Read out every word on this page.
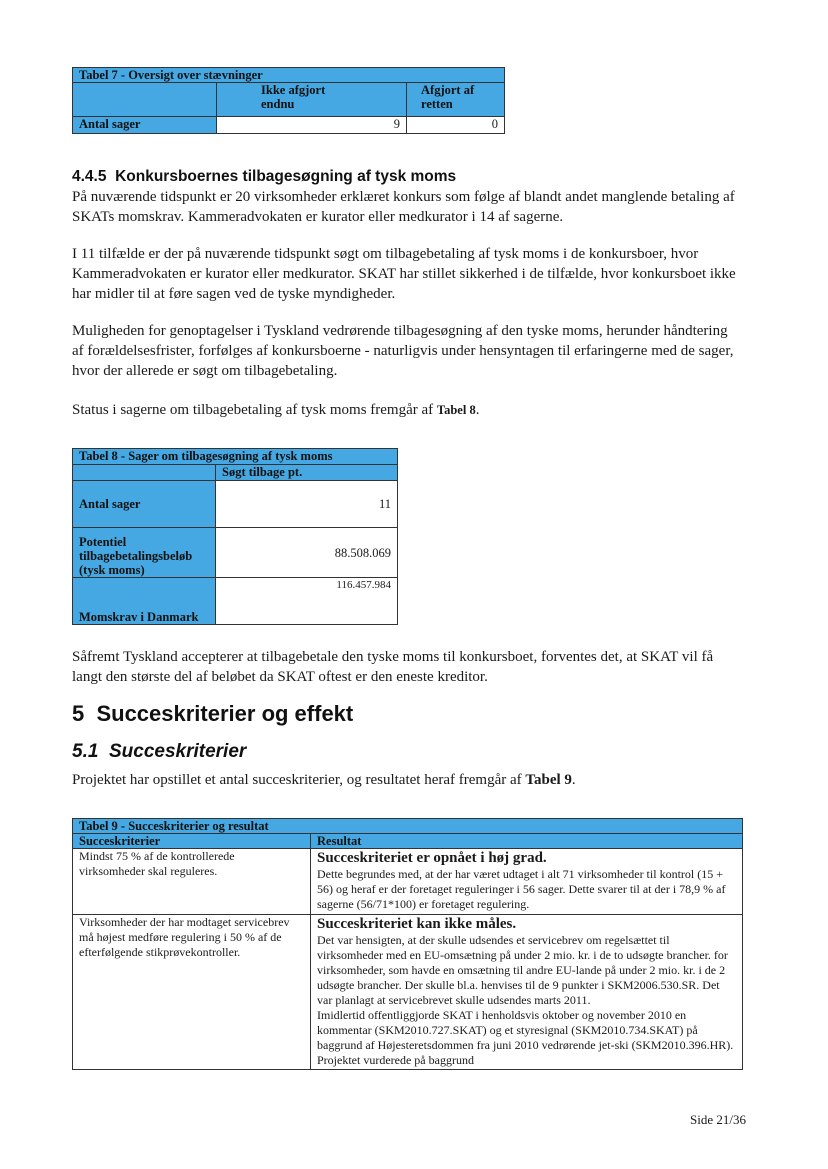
Tabel 7 - Oversigt over stævninger		
	Ikke afgjort endnu	Afgjort af retten
Antal sager	9	0
4.4.5  Konkursboernes tilbagesøgning af tysk moms

På nuværende tidspunkt er 20 virksomheder erklæret konkurs som følge af blandt andet manglende betaling af SKATs momskrav. Kammeradvokaten er kurator eller medkurator i 14 af sagerne.

I 11 tilfælde er der på nuværende tidspunkt søgt om tilbagebetaling af tysk moms i de konkursboer, hvor Kammeradvokaten er kurator eller medkurator. SKAT har stillet sikkerhed i de tilfælde, hvor konkursboet ikke har midler til at føre sagen ved de tyske myndigheder.

Muligheden for genoptagelser i Tyskland vedrørende tilbagesøgning af den tyske moms, herunder håndtering af forældelsesfrister, forfølges af konkursboerne - naturligvis under hensyntagen til erfaringerne med de sager, hvor der allerede er søgt om tilbagebetaling.

Status i sagerne om tilbagebetaling af tysk moms fremgår af Tabel 8.

Tabel 8 - Sager om tilbagesøgning af tysk moms	
	Søgt tilbage pt.
Antal sager	11
Potentiel tilbagebetalingsbeløb (tysk moms)	88.508.069
Momskrav i Danmark	116.457.984

Såfremt Tyskland accepterer at tilbagebetale den tyske moms til konkursboet, forventes det, at SKAT vil få langt den største del af beløbet da SKAT oftest er den eneste kreditor.

5  Succeskriterier og effekt
5.1  Succeskriterier

Projektet har opstillet et antal succeskriterier, og resultatet heraf fremgår af Tabel 9.

Tabel 9 - Succeskriterier og resultat	
Succeskriterier	Resultat
Mindst 75 % af de kontrollerede virksomheder skal reguleres.	Succeskriteriet er opnået i høj grad.
Dette begrundes med, at der har været udtaget i alt 71 virksomheder til kontrol (15 + 56) og heraf er der foretaget reguleringer i 56 sager. Dette svarer til at der i 78,9 % af sagerne (56/71*100) er foretaget regulering.
Virksomheder der har modtaget servicebrev må højest medføre regulering i 50 % af de efterfølgende stikprøvekontroller.	Succeskriteriet kan ikke måles.
Det var hensigten, at der skulle udsendes et servicebrev om regelsættet til virksomheder med en EU-omsætning på under 2 mio. kr. i de to udsøgte brancher. for virksomheder, som havde en omsætning til andre EU-lande på under 2 mio. kr. i de 2 udsøgte brancher. Der skulle bl.a. henvises til de 9 punkter i SKM2006.530.SR. Det var planlagt at servicebrevet skulle udsendes marts 2011.
Imidlertid offentliggjorde SKAT i henholdsvis oktober og november 2010 en kommentar (SKM2010.727.SKAT) og et styresignal (SKM2010.734.SKAT) på baggrund af Højesteretsdommen fra juni 2010 vedrørende jet-ski (SKM2010.396.HR). Projektet vurderede på baggrund
Side 21/36
